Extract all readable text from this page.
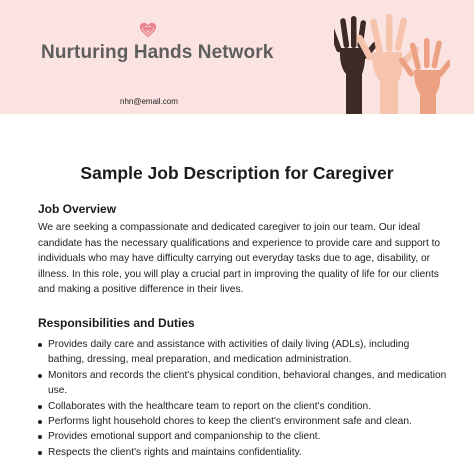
Nurturing Hands Network
nhn@email.com
Sample Job Description for Caregiver
Job Overview

We are seeking a compassionate and dedicated caregiver to join our team. Our ideal candidate has the necessary qualifications and experience to provide care and support to individuals who may have difficulty carrying out everyday tasks due to age, disability, or illness. In this role, you will play a crucial part in improving the quality of life for our clients and making a positive difference in their lives.

Responsibilities and Duties
Provides daily care and assistance with activities of daily living (ADLs), including bathing, dressing, meal preparation, and medication administration.
Monitors and records the client's physical condition, behavioral changes, and medication use.
Collaborates with the healthcare team to report on the client's condition.
Performs light household chores to keep the client's environment safe and clean.
Provides emotional support and companionship to the client.
Respects the client's rights and maintains confidentiality.
